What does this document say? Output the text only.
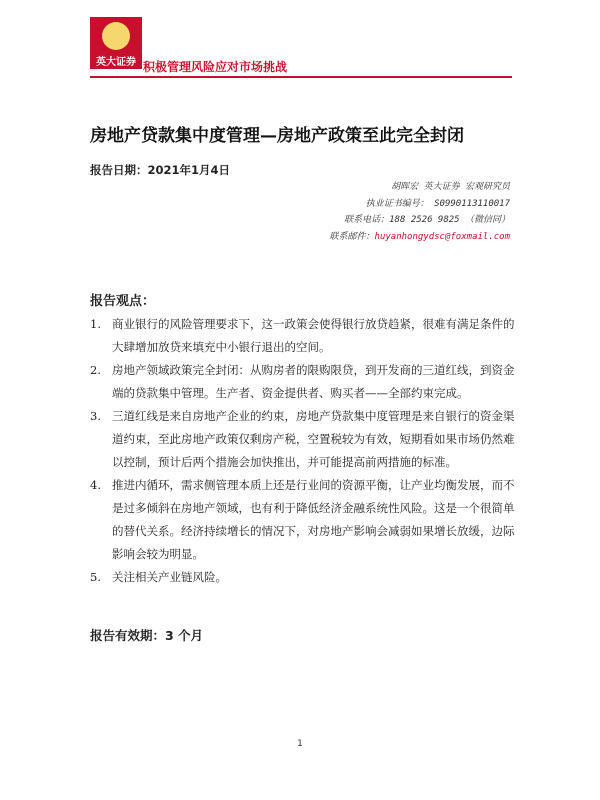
英大证券 积极管理风险应对市场挑战
房地产贷款集中度管理—房地产政策至此完全封闭
报告日期：2021年1月4日
胡晖宏 英大证券 宏观研究员
执业证书编号： S0990113110017
联系电话：188 2526 9825 （微信同）
联系邮件：huyanhongydsc@foxmail.com
报告观点：
1. 商业银行的风险管理要求下，这一政策会使得银行放贷趋紧，很难有满足条件的大肆增加放贷来填充中小银行退出的空间。
2. 房地产领域政策完全封闭：从购房者的限购限贷，到开发商的三道红线，到资金端的贷款集中管理。生产者、资金提供者、购买者——全部约束完成。
3. 三道红线是来自房地产企业的约束，房地产贷款集中度管理是来自银行的资金渠道约束，至此房地产政策仅剩房产税，空置税较为有效，短期看如果市场仍然难以控制，预计后两个措施会加快推出，并可能提高前两措施的标准。
4. 推进内循环，需求侧管理本质上还是行业间的资源平衡，让产业均衡发展，而不是过多倾斜在房地产领域，也有利于降低经济金融系统性风险。这是一个很简单的替代关系。经济持续增长的情况下，对房地产影响会减弱如果增长放缓，边际影响会较为明显。
5. 关注相关产业链风险。
报告有效期：3 个月
1
